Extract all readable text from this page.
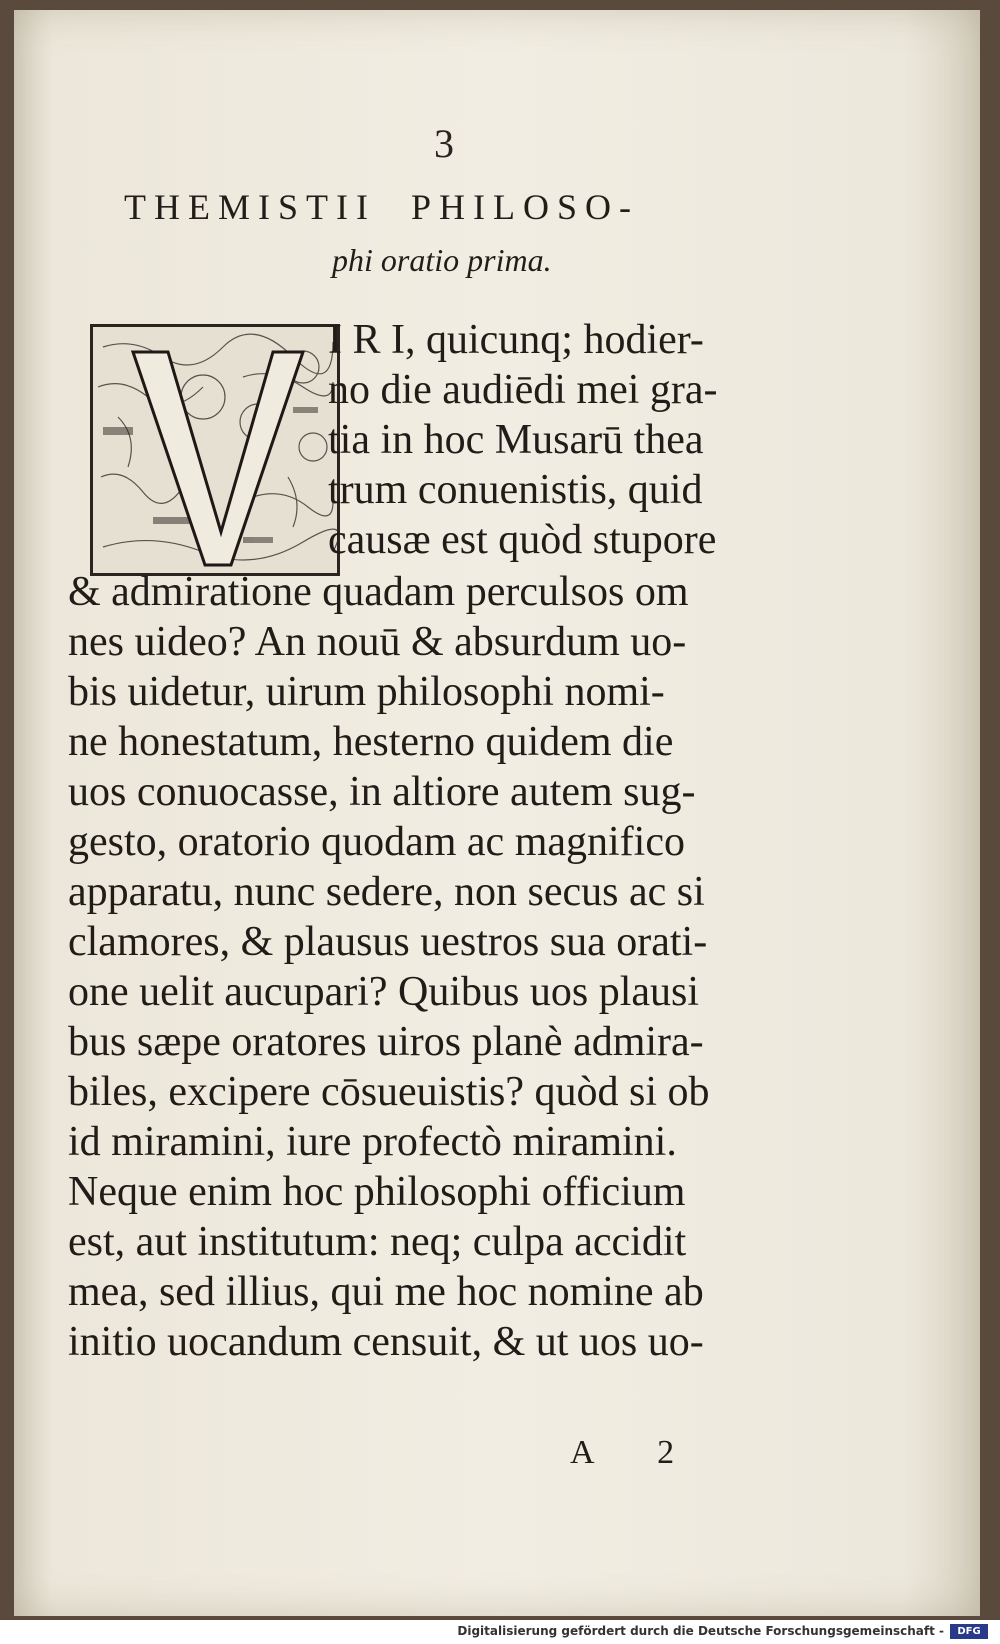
3
THEMISTII PHILOSO-
phi oratio prima.
I R I, quicunq; hodier-
no die audiēdi mei gra-
tia in hoc Musarū thea
trum conuenistis, quid
causæ est quòd stupore
& admiratione quadam perculsos om
nes uideo? An nouū & absurdum uo-
bis uidetur, uirum philosophi nomi-
ne honestatum, hesterno quidem die
uos conuocasse, in altiore autem sug-
gesto, oratorio quodam ac magnifico
apparatu, nunc sedere, non secus ac si
clamores, & plausus uestros sua orati-
one uelit aucupari? Quibus uos plausi
bus sæpe oratores uiros planè admira-
biles, excipere cōsueuistis? quòd si ob
id miramini, iure profectò miramini.
Neque enim hoc philosophi officium
est, aut institutum: neq; culpa accidit
mea, sed illius, qui me hoc nomine ab
initio uocandum censuit, & ut uos uo-
A 2
Digitalisierung gefördert durch die Deutsche Forschungsgemeinschaft -	DFG
